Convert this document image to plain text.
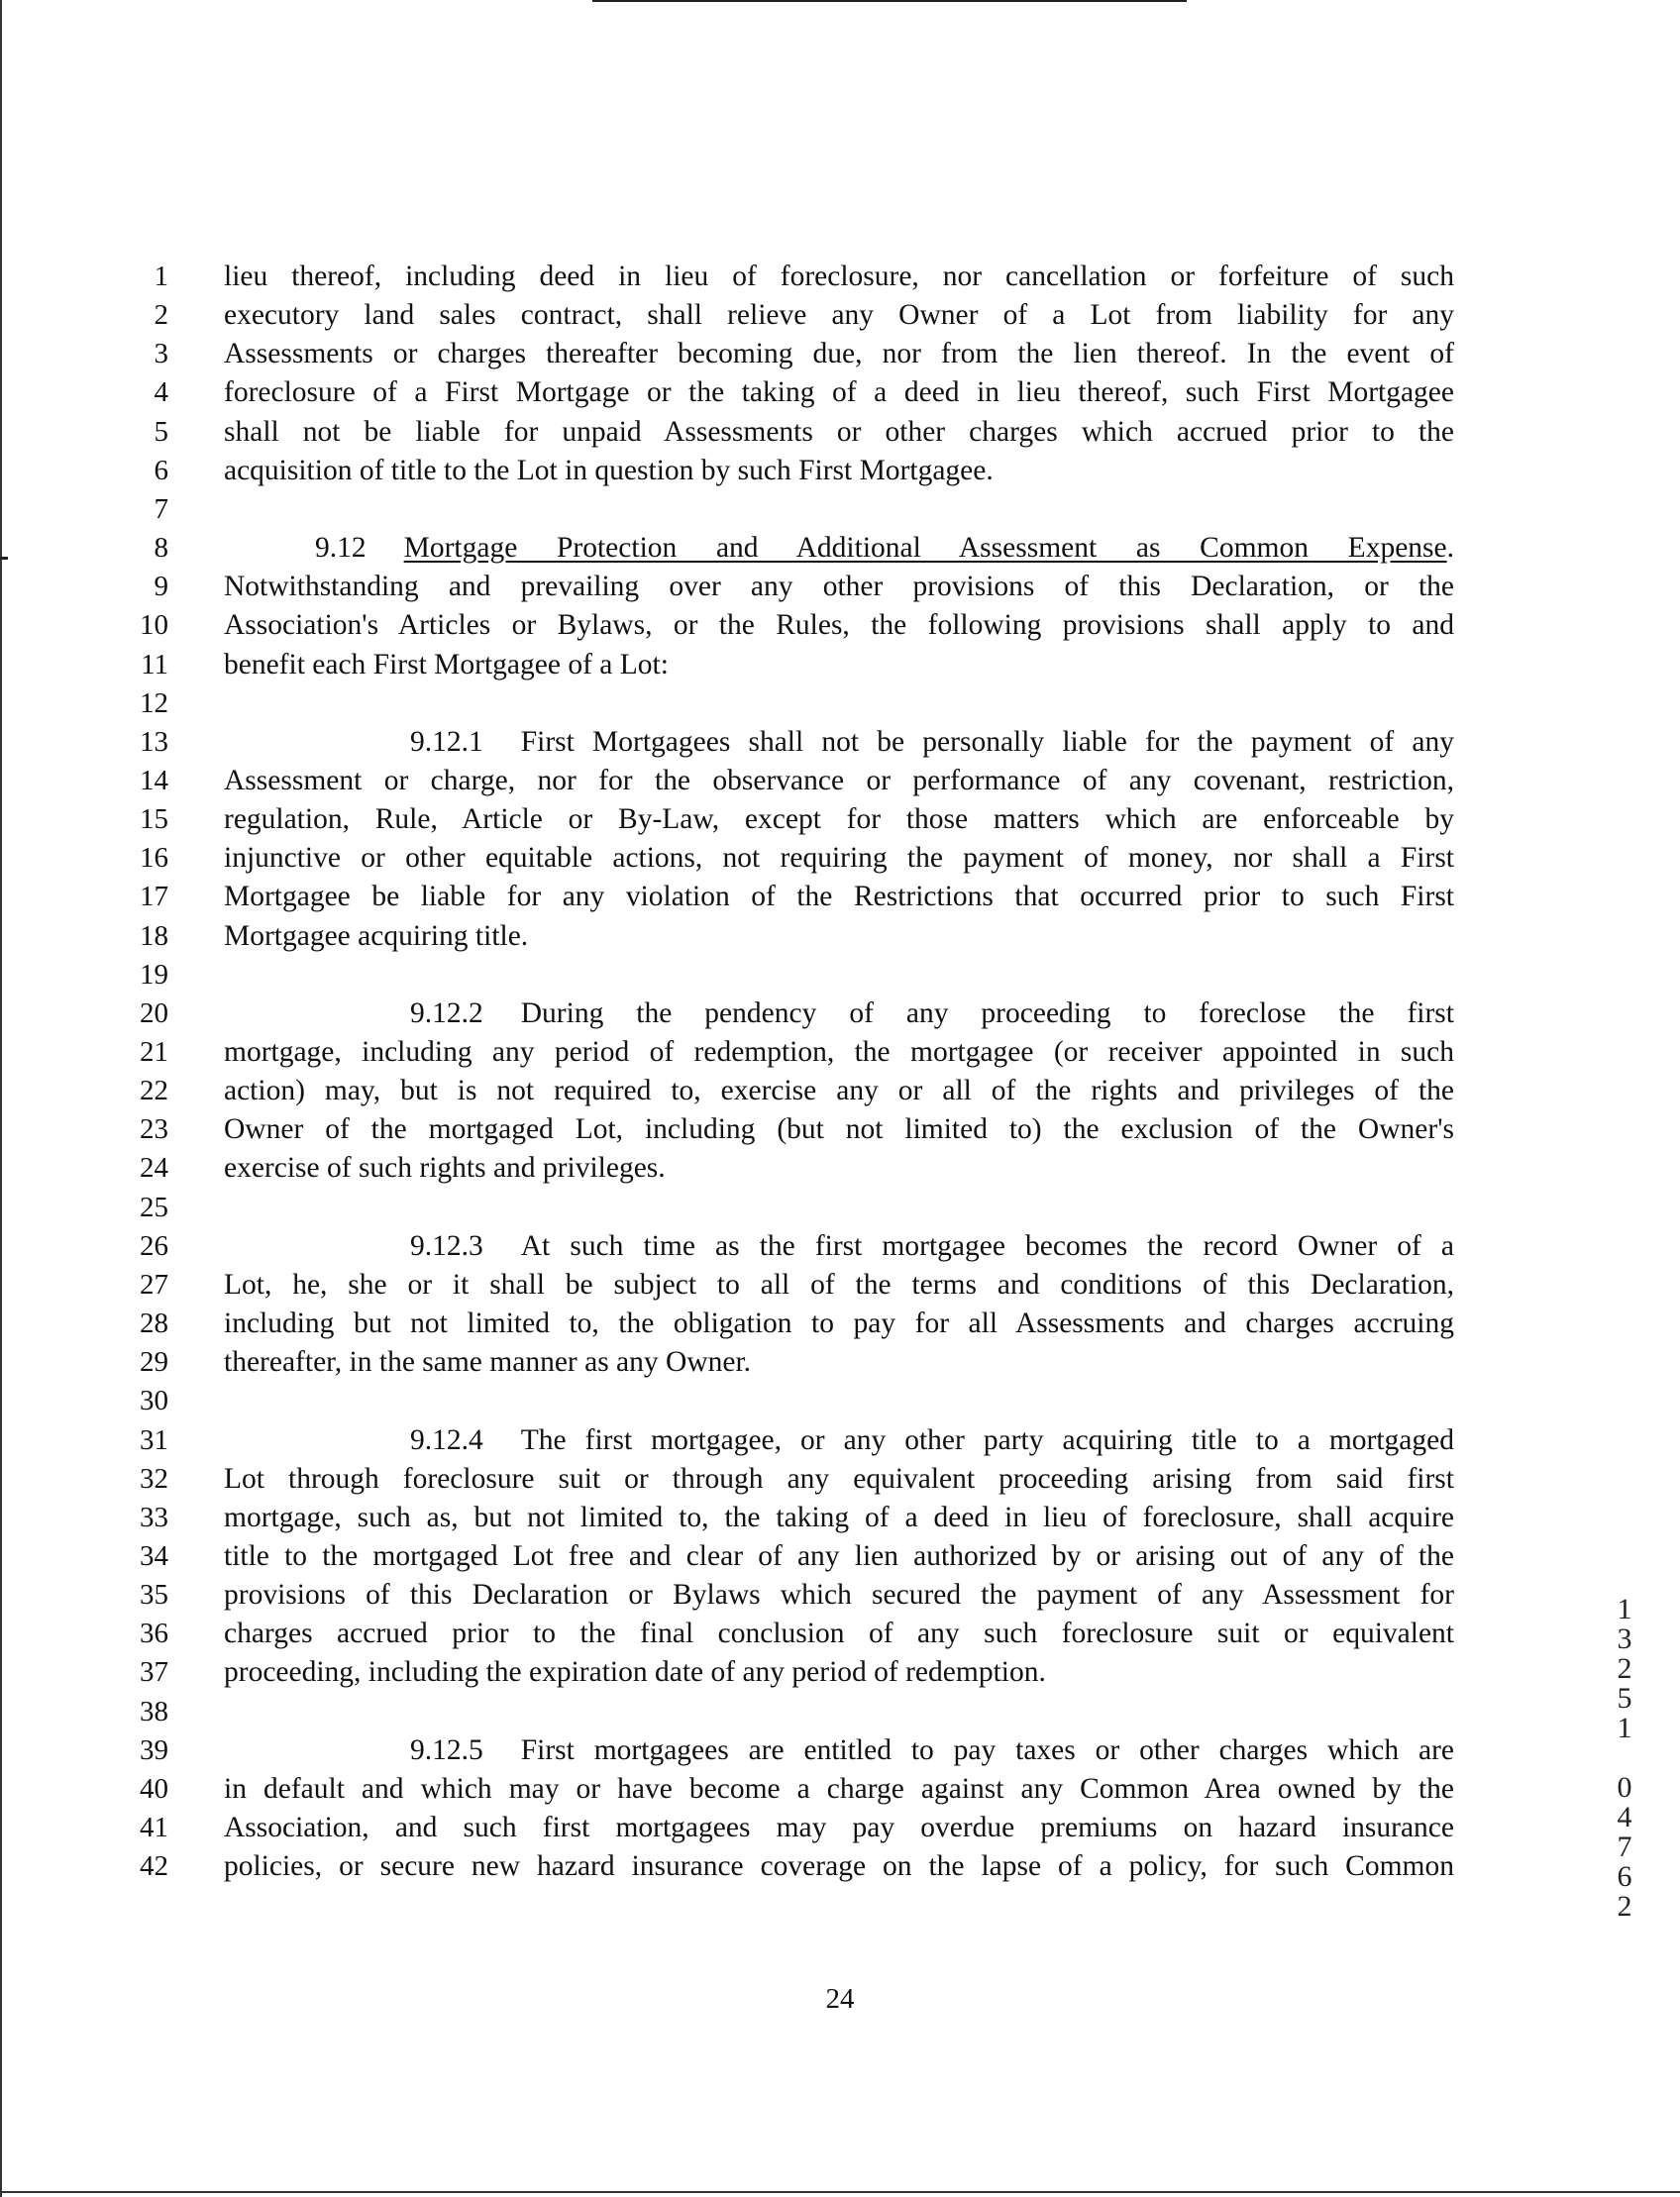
1 lieu thereof, including deed in lieu of foreclosure, nor cancellation or forfeiture of such
2 executory land sales contract, shall relieve any Owner of a Lot from liability for any
3 Assessments or charges thereafter becoming due, nor from the lien thereof. In the event of
4 foreclosure of a First Mortgage or the taking of a deed in lieu thereof, such First Mortgagee
5 shall not be liable for unpaid Assessments or other charges which accrued prior to the
6 acquisition of title to the Lot in question by such First Mortgagee.
7
8	9.12 Mortgage Protection and Additional Assessment as Common Expense.
9 Notwithstanding and prevailing over any other provisions of this Declaration, or the
10 Association's Articles or Bylaws, or the Rules, the following provisions shall apply to and
11 benefit each First Mortgagee of a Lot:
12
13	9.12.1 First Mortgagees shall not be personally liable for the payment of any
14 Assessment or charge, nor for the observance or performance of any covenant, restriction,
15 regulation, Rule, Article or By-Law, except for those matters which are enforceable by
16 injunctive or other equitable actions, not requiring the payment of money, nor shall a First
17 Mortgagee be liable for any violation of the Restrictions that occurred prior to such First
18 Mortgagee acquiring title.
19
20	9.12.2 During the pendency of any proceeding to foreclose the first
21 mortgage, including any period of redemption, the mortgagee (or receiver appointed in such
22 action) may, but is not required to, exercise any or all of the rights and privileges of the
23 Owner of the mortgaged Lot, including (but not limited to) the exclusion of the Owner's
24 exercise of such rights and privileges.
25
26	9.12.3 At such time as the first mortgagee becomes the record Owner of a
27 Lot, he, she or it shall be subject to all of the terms and conditions of this Declaration,
28 including but not limited to, the obligation to pay for all Assessments and charges accruing
29 thereafter, in the same manner as any Owner.
30
31	9.12.4 The first mortgagee, or any other party acquiring title to a mortgaged
32 Lot through foreclosure suit or through any equivalent proceeding arising from said first
33 mortgage, such as, but not limited to, the taking of a deed in lieu of foreclosure, shall acquire
34 title to the mortgaged Lot free and clear of any lien authorized by or arising out of any of the
35 provisions of this Declaration or Bylaws which secured the payment of any Assessment for
36 charges accrued prior to the final conclusion of any such foreclosure suit or equivalent
37 proceeding, including the expiration date of any period of redemption.
38
39	9.12.5 First mortgagees are entitled to pay taxes or other charges which are
40 in default and which may or have become a charge against any Common Area owned by the
41 Association, and such first mortgagees may pay overdue premiums on hazard insurance
42 policies, or secure new hazard insurance coverage on the lapse of a policy, for such Common
24
1
3
2
5
1

0
4
7
6
2
